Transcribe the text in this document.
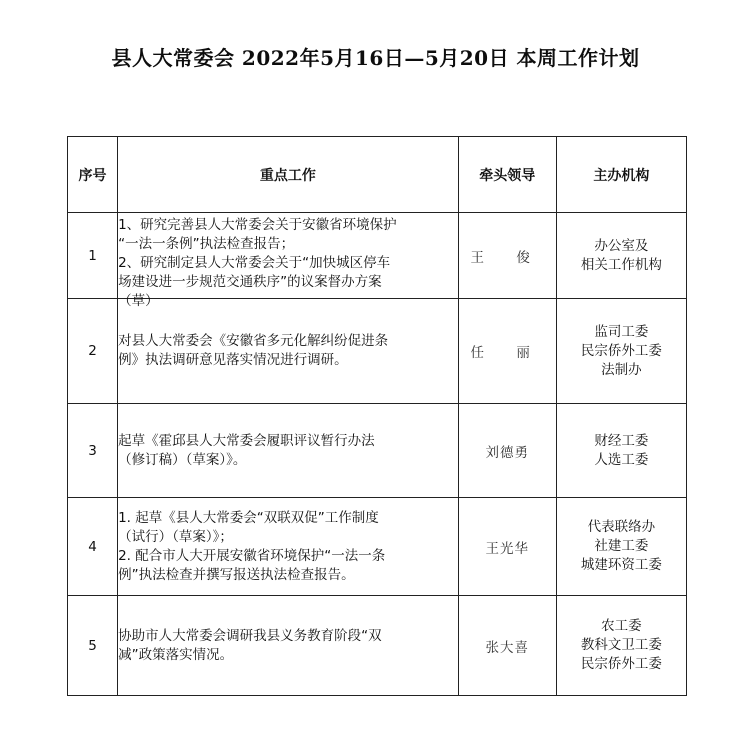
县人大常委会 2022年5月16日—5月20日 本周工作计划
序号	重点工作	牵头领导	主办机构
1	1、研究完善县人大常委会关于安徽省环境保护
“一法一条例”执法检查报告；
2、研究制定县人大常委会关于“加快城区停车
场建设进一步规范交通秩序”的议案督办方案
（草）	王 俊	办公室及
相关工作机构

2	对县人大常委会《安徽省多元化解纠纷促进条
例》执法调研意见落实情况进行调研。	任 丽	监司工委
民宗侨外工委
法制办

3	起草《霍邱县人大常委会履职评议暂行办法
（修订稿）（草案）》。	刘德勇	财经工委
人选工委

4	1. 起草《县人大常委会“双联双促”工作制度
（试行）（草案）》；
2. 配合市人大开展安徽省环境保护“一法一条
例”执法检查并撰写报送执法检查报告。	王光华	代表联络办
社建工委
城建环资工委

5	协助市人大常委会调研我县义务教育阶段“双
减”政策落实情况。	张大喜	农工委
教科文卫工委
民宗侨外工委
